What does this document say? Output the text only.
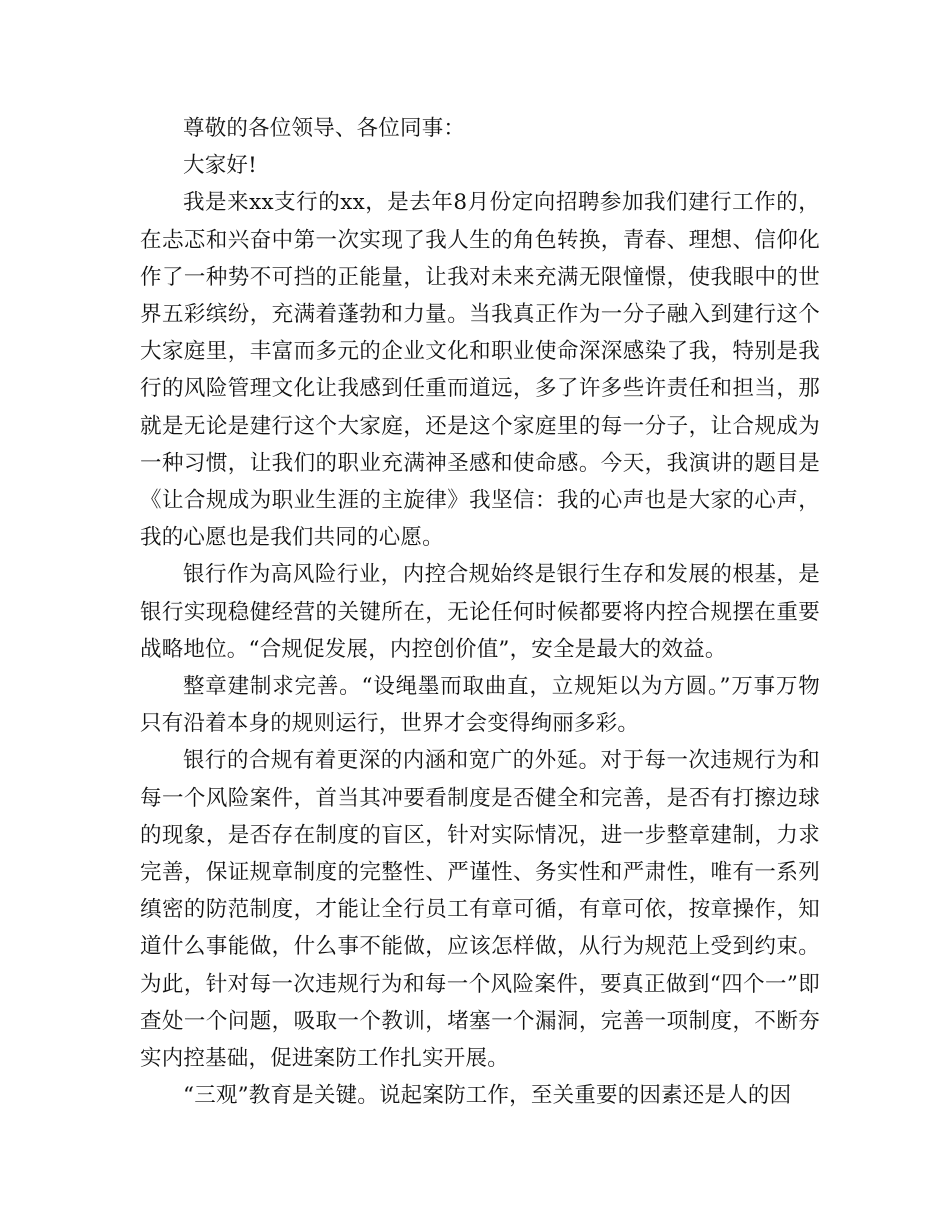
尊敬的各位领导、各位同事：

大家好!

我是来xx支行的xx，是去年8月份定向招聘参加我们建行工作的，在忐忑和兴奋中第一次实现了我人生的角色转换，青春、理想、信仰化作了一种势不可挡的正能量，让我对未来充满无限憧憬，使我眼中的世界五彩缤纷，充满着蓬勃和力量。当我真正作为一分子融入到建行这个大家庭里，丰富而多元的企业文化和职业使命深深感染了我，特别是我行的风险管理文化让我感到任重而道远，多了许多些许责任和担当，那就是无论是建行这个大家庭，还是这个家庭里的每一分子，让合规成为一种习惯，让我们的职业充满神圣感和使命感。今天，我演讲的题目是《让合规成为职业生涯的主旋律》我坚信：我的心声也是大家的心声，我的心愿也是我们共同的心愿。

银行作为高风险行业，内控合规始终是银行生存和发展的根基，是银行实现稳健经营的关键所在，无论任何时候都要将内控合规摆在重要战略地位。“合规促发展，内控创价值”，安全是最大的效益。

整章建制求完善。“设绳墨而取曲直，立规矩以为方圆。”万事万物只有沿着本身的规则运行，世界才会变得绚丽多彩。

银行的合规有着更深的内涵和宽广的外延。对于每一次违规行为和每一个风险案件，首当其冲要看制度是否健全和完善，是否有打擦边球的现象，是否存在制度的盲区，针对实际情况，进一步整章建制，力求完善，保证规章制度的完整性、严谨性、务实性和严肃性，唯有一系列缜密的防范制度，才能让全行员工有章可循，有章可依，按章操作，知道什么事能做，什么事不能做，应该怎样做，从行为规范上受到约束。为此，针对每一次违规行为和每一个风险案件，要真正做到“四个一”即查处一个问题，吸取一个教训，堵塞一个漏洞，完善一项制度，不断夯实内控基础，促进案防工作扎实开展。

“三观”教育是关键。说起案防工作，至关重要的因素还是人的因
